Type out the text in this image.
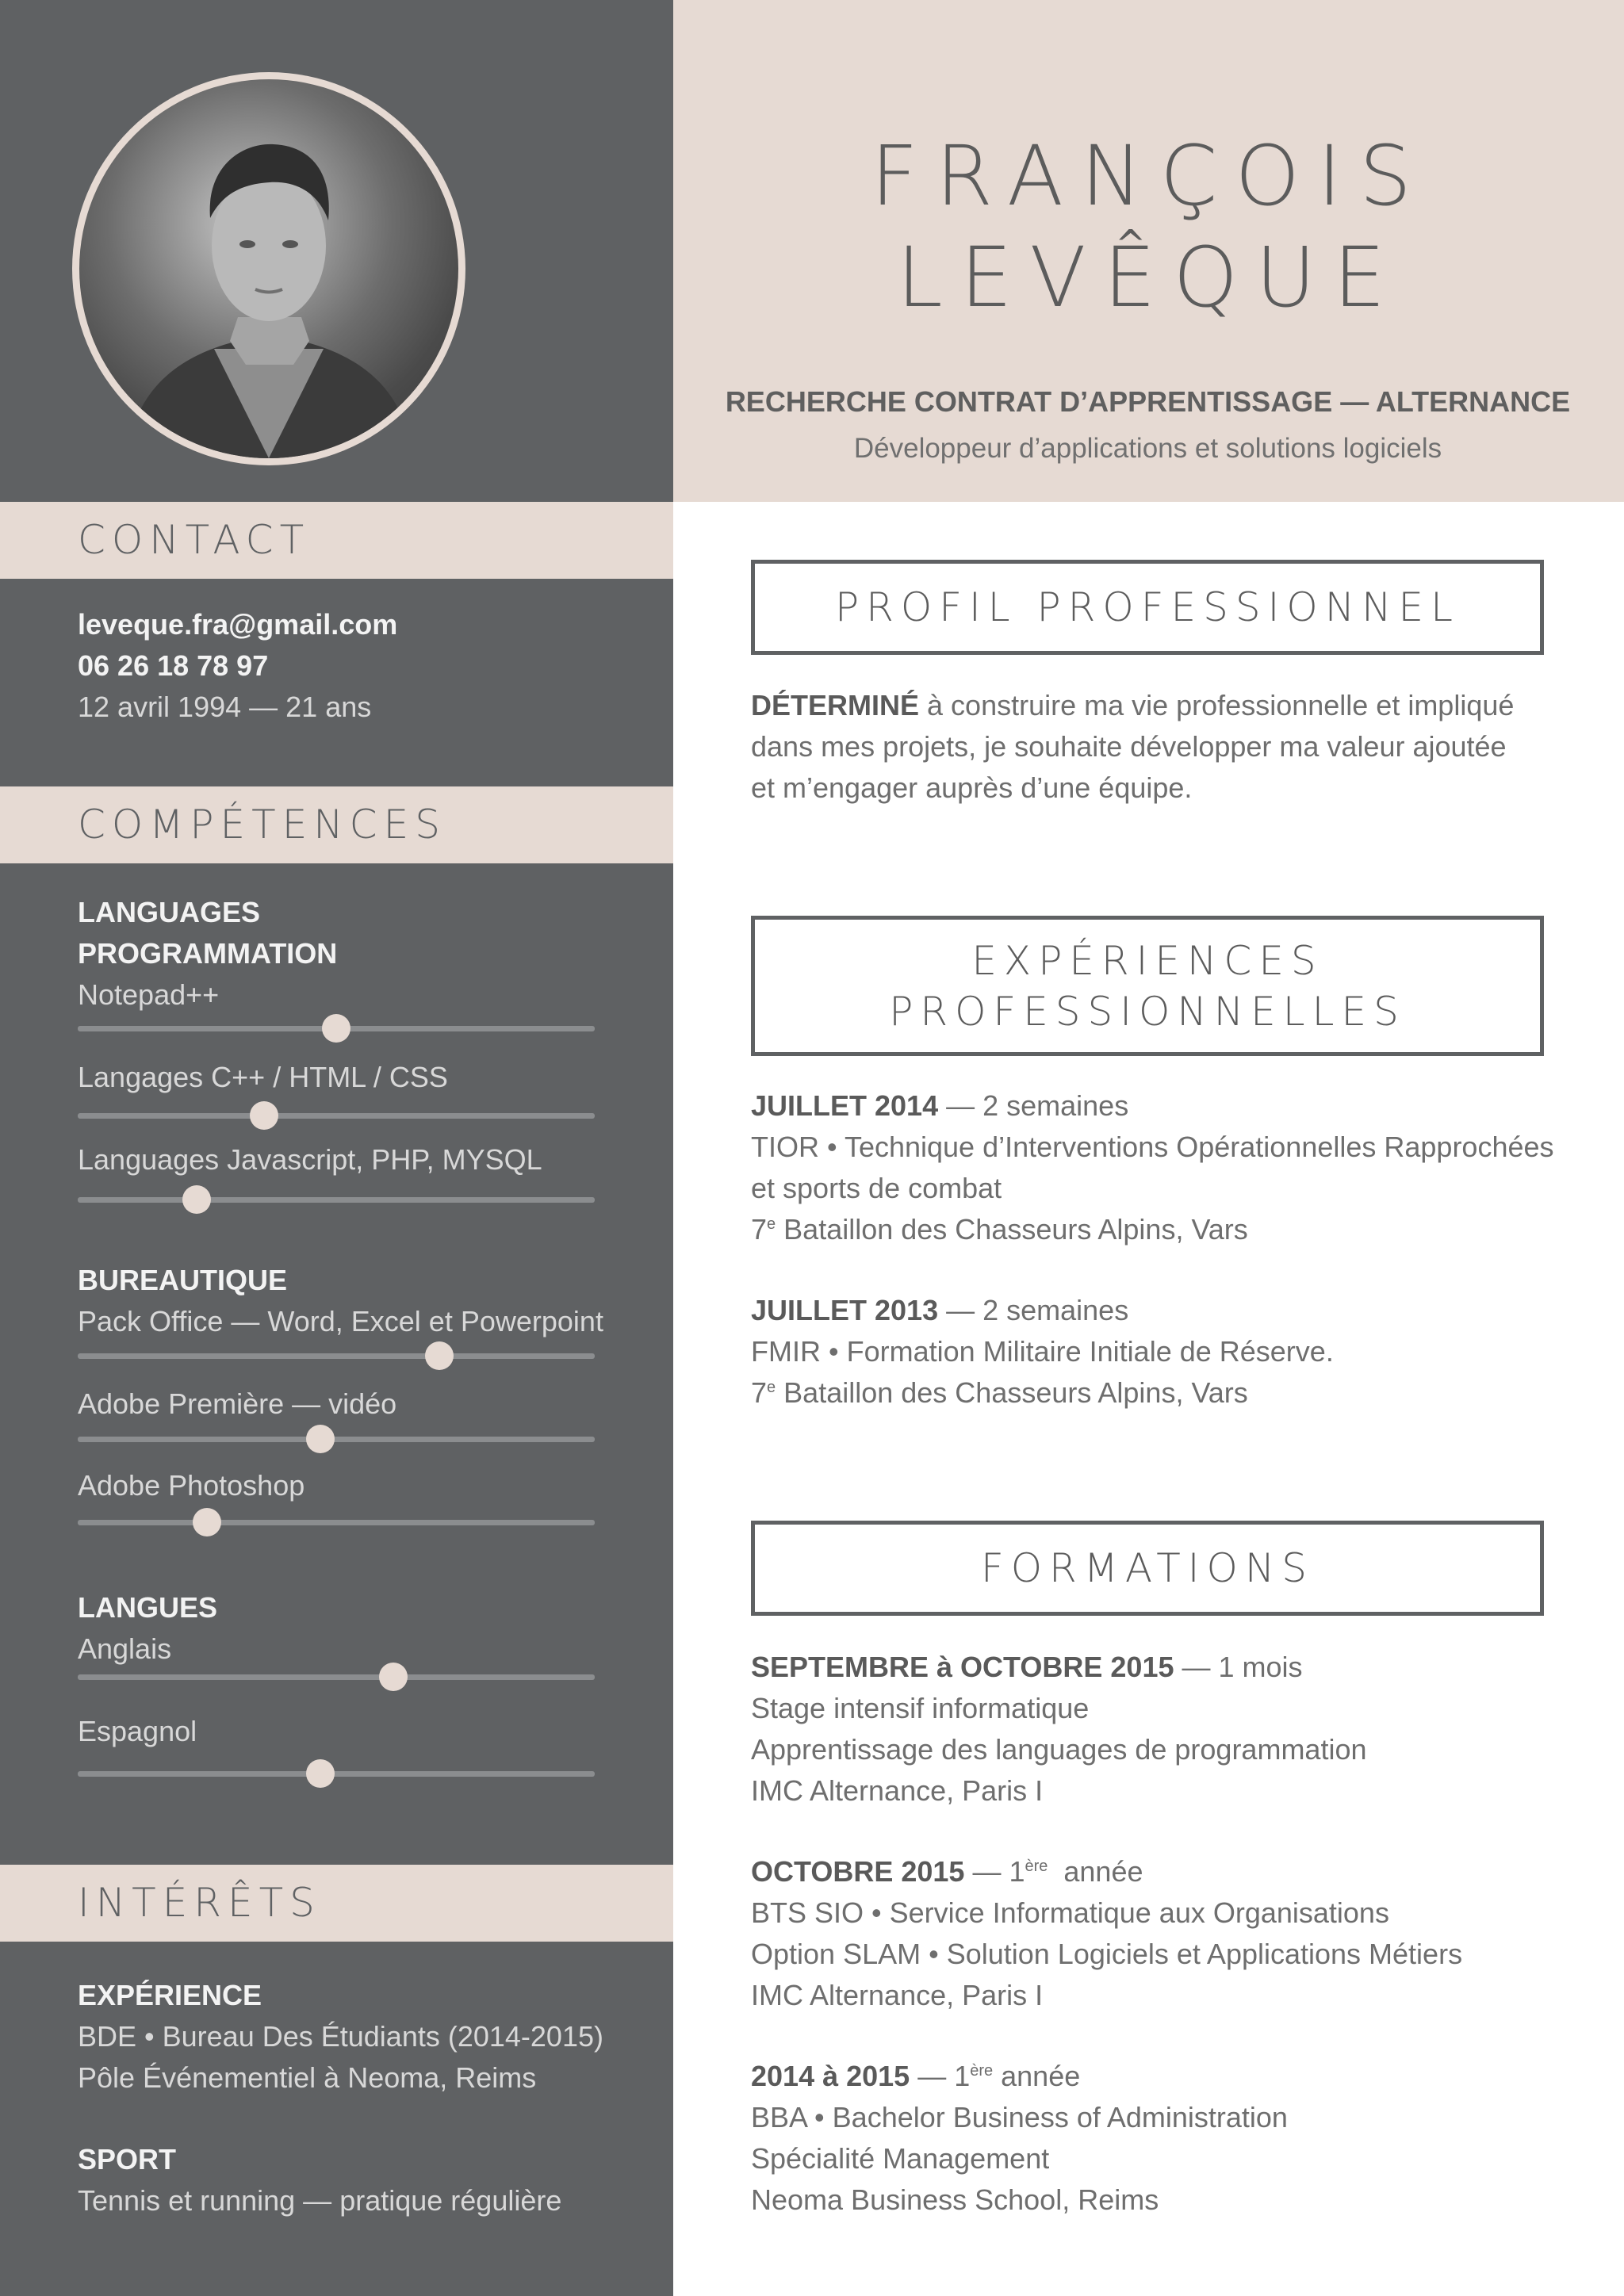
FRANÇOIS
LEVÊQUE

RECHERCHE CONTRAT D’APPRENTISSAGE — ALTERNANCE

Développeur d’applications et solutions logiciels

CONTACT

leveque.fra@gmail.com

06 26 18 78 97

12 avril 1994 — 21 ans

COMPÉTENCES

LANGUAGES

PROGRAMMATION

Notepad++

Langages C++ / HTML / CSS

Languages Javascript, PHP, MYSQL

BUREAUTIQUE

Pack Office — Word, Excel et Powerpoint

Adobe Première — vidéo

Adobe Photoshop

LANGUES

Anglais

Espagnol

INTÉRÊTS

EXPÉRIENCE

BDE • Bureau Des Étudiants (2014-2015)

Pôle Événementiel à Neoma, Reims

SPORT

Tennis et running — pratique régulière

PROFIL PROFESSIONNEL

DÉTERMINÉ à construire ma vie professionnelle et impliqué

dans mes projets, je souhaite développer ma valeur ajoutée

et m’engager auprès d’une équipe.

EXPÉRIENCES
PROFESSIONNELLES

JUILLET 2014 — 2 semaines

TIOR • Technique d’Interventions Opérationnelles Rapprochées

et sports de combat

7e Bataillon des Chasseurs Alpins, Vars

JUILLET 2013 — 2 semaines

FMIR • Formation Militaire Initiale de Réserve.

7e Bataillon des Chasseurs Alpins, Vars

FORMATIONS

SEPTEMBRE à OCTOBRE 2015 — 1 mois

Stage intensif informatique

Apprentissage des languages de programmation

IMC Alternance, Paris I

OCTOBRE 2015 — 1ère  année

BTS SIO • Service Informatique aux Organisations

Option SLAM • Solution Logiciels et Applications Métiers

IMC Alternance, Paris I

2014 à 2015 — 1ère année

BBA • Bachelor Business of Administration

Spécialité Management

Neoma Business School, Reims
